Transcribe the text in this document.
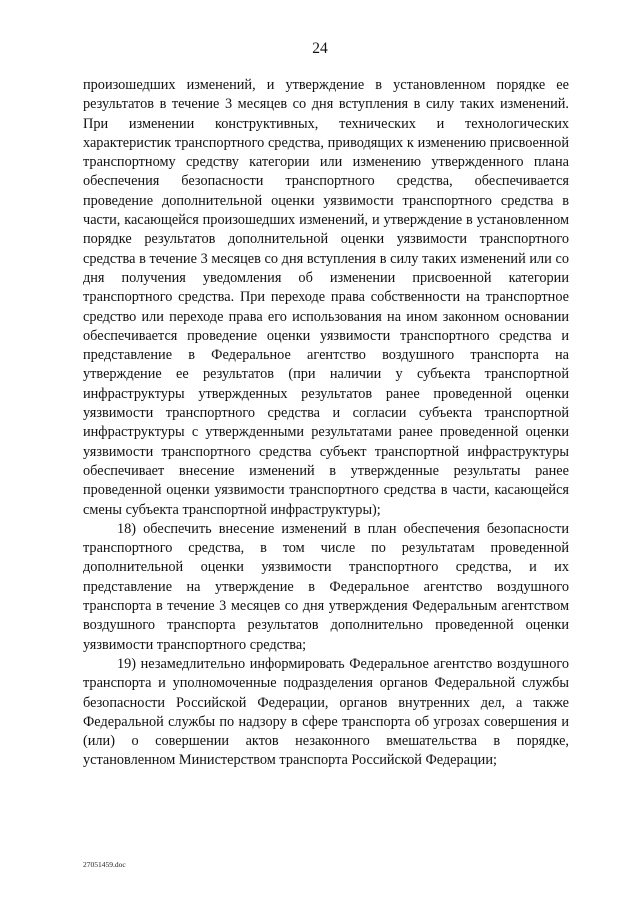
24

произошедших изменений, и утверждение в установленном порядке ее результатов в течение 3 месяцев со дня вступления в силу таких изменений. При изменении конструктивных, технических и технологических характеристик транспортного средства, приводящих к изменению присвоенной транспортному средству категории или изменению утвержденного плана обеспечения безопасности транспортного средства, обеспечивается проведение дополнительной оценки уязвимости транспортного средства в части, касающейся произошедших изменений, и утверждение в установленном порядке результатов дополнительной оценки уязвимости транспортного средства в течение 3 месяцев со дня вступления в силу таких изменений или со дня получения уведомления об изменении присвоенной категории транспортного средства. При переходе права собственности на транспортное средство или переходе права его использования на ином законном основании обеспечивается проведение оценки уязвимости транспортного средства и представление в Федеральное агентство воздушного транспорта на утверждение ее результатов (при наличии у субъекта транспортной инфраструктуры утвержденных результатов ранее проведенной оценки уязвимости транспортного средства и согласии субъекта транспортной инфраструктуры с утвержденными результатами ранее проведенной оценки уязвимости транспортного средства субъект транспортной инфраструктуры обеспечивает внесение изменений в утвержденные результаты ранее проведенной оценки уязвимости транспортного средства в части, касающейся смены субъекта транспортной инфраструктуры);

18) обеспечить внесение изменений в план обеспечения безопасности транспортного средства, в том числе по результатам проведенной дополнительной оценки уязвимости транспортного средства, и их представление на утверждение в Федеральное агентство воздушного транспорта в течение 3 месяцев со дня утверждения Федеральным агентством воздушного транспорта результатов дополнительно проведенной оценки уязвимости транспортного средства;

19) незамедлительно информировать Федеральное агентство воздушного транспорта и уполномоченные подразделения органов Федеральной службы безопасности Российской Федерации, органов внутренних дел, а также Федеральной службы по надзору в сфере транспорта об угрозах совершения и (или) о совершении актов незаконного вмешательства в порядке, установленном Министерством транспорта Российской Федерации;

27051459.doc
